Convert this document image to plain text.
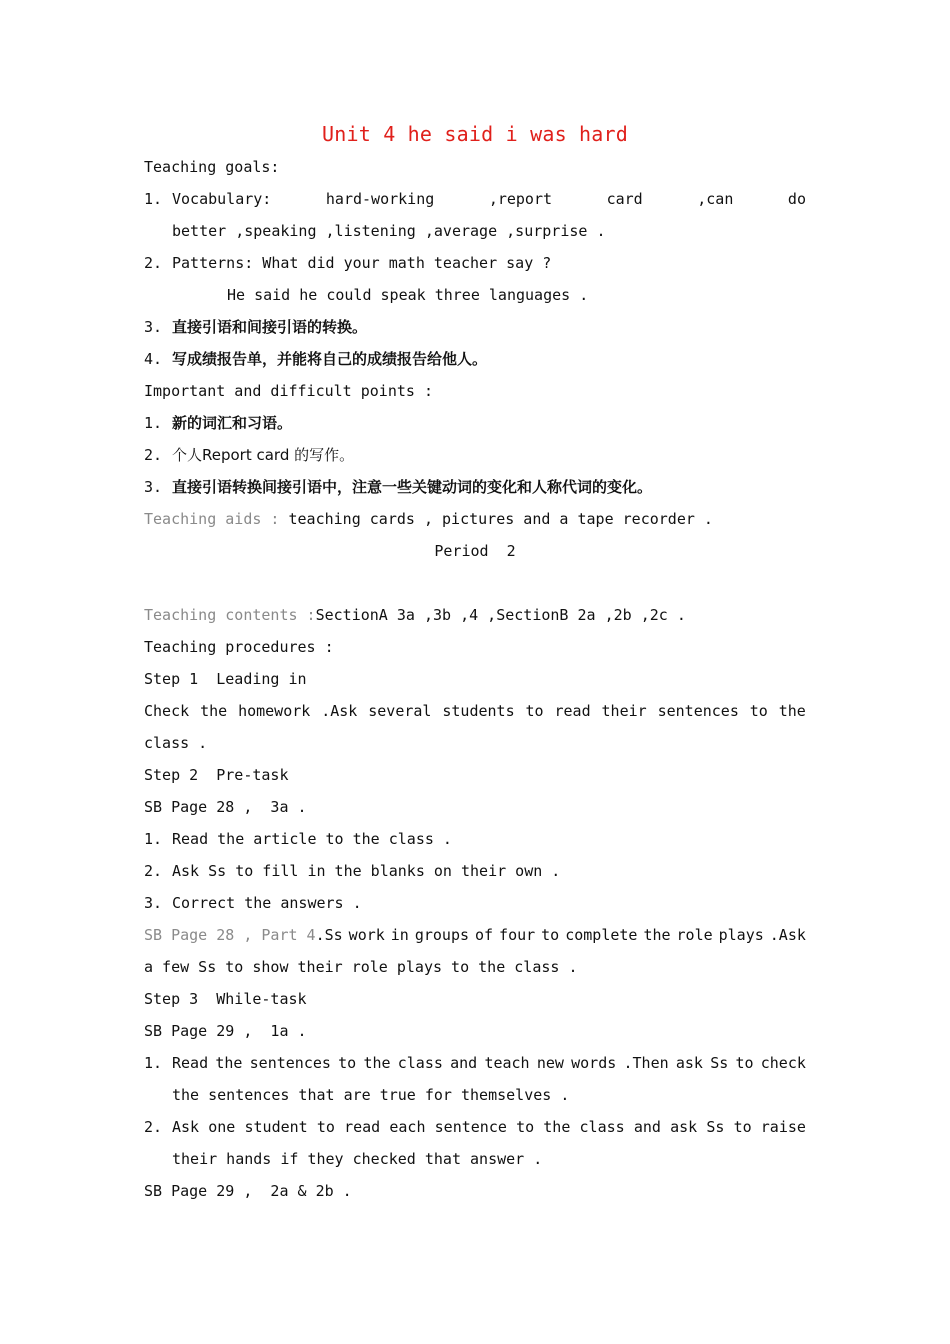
Unit 4 he said i was hard
Teaching goals:
1. Vocabulary:	hard-working	,report	card	,can	do
better ,speaking ,listening ,average ,surprise .
2. Patterns: What did your math teacher say ?
He said he could speak three languages .
3. 直接引语和间接引语的转换。
4. 写成绩报告单，并能将自己的成绩报告给他人。
Important and difficult points :
1. 新的词汇和习语。
2. 个人Report card 的写作。
3. 直接引语转换间接引语中，注意一些关键动词的变化和人称代词的变化。
Teaching aids : teaching cards , pictures and a tape recorder .
Period  2
Teaching contents :SectionA 3a ,3b ,4 ,SectionB 2a ,2b ,2c .
Teaching procedures :
Step 1  Leading in
Check the homework .Ask several students to read their sentences to the
class .
Step 2  Pre-task
SB Page 28 ,  3a .
1. Read the article to the class .
2. Ask Ss to fill in the blanks on their own .
3. Correct the answers .
SB Page 28 , Part 4 .Ss work in groups of four to complete the role plays .Ask
a few Ss to show their role plays to the class .
Step 3  While-task
SB Page 29 ,  1a .
1. Read the sentences to the class and teach new words .Then ask Ss to check
the sentences that are true for themselves .
2. Ask one student to read each sentence to the class and ask Ss to raise
their hands if they checked that answer .
SB Page 29 ,  2a & 2b .
